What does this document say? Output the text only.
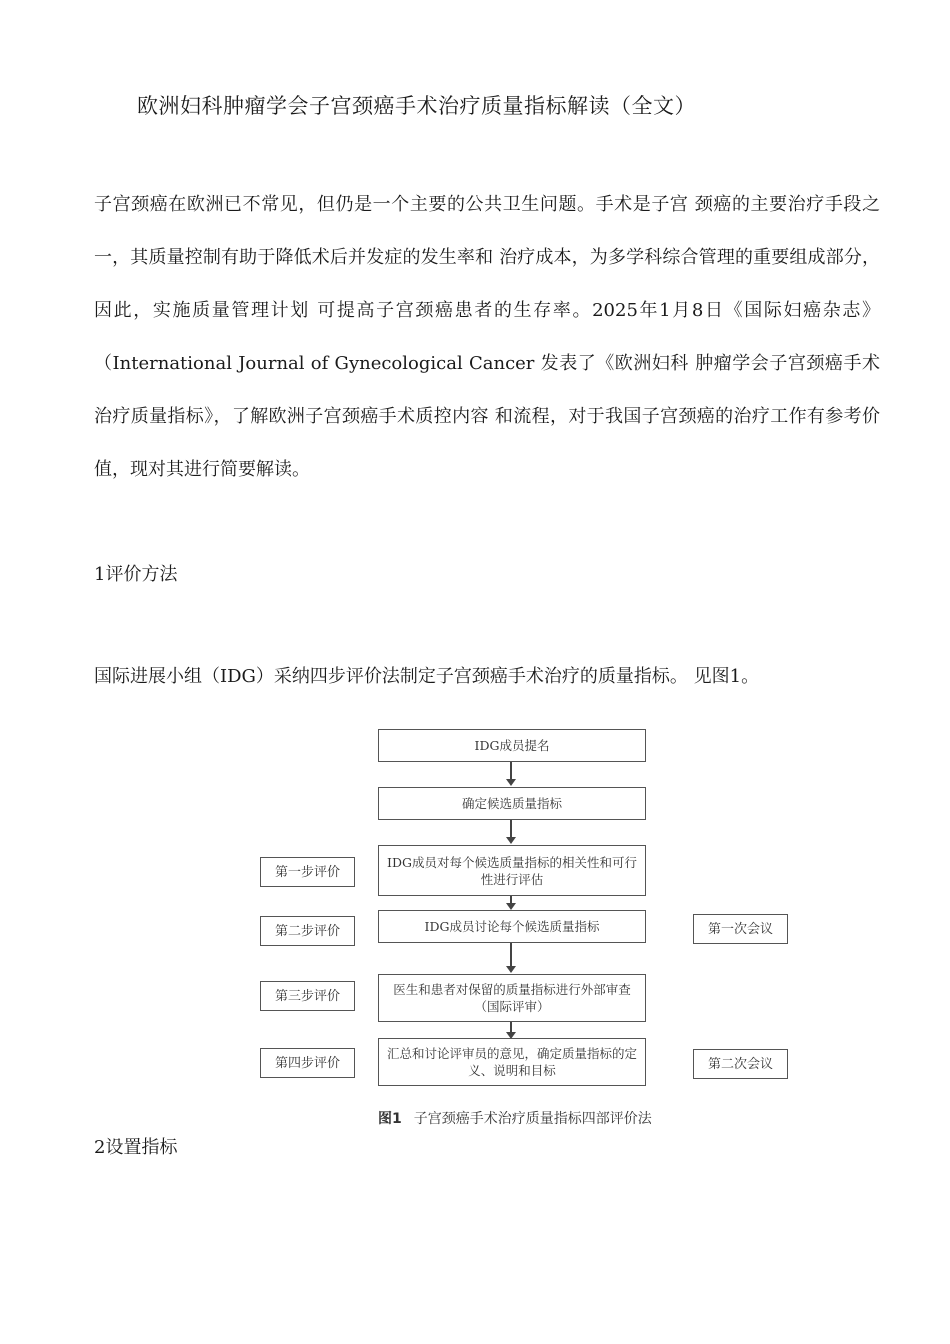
欧洲妇科肿瘤学会子宫颈癌手术治疗质量指标解读（全文）
子宫颈癌在欧洲已不常见，但仍是一个主要的公共卫生问题。手术是子宫 颈癌的主要治疗手段之一，其质量控制有助于降低术后并发症的发生率和 治疗成本，为多学科综合管理的重要组成部分，因此，实施质量管理计划 可提高子宫颈癌患者的生存率。2025年1月8日《国际妇癌杂志》 （International Journal of Gynecological Cancer 发表了《欧洲妇科 肿瘤学会子宫颈癌手术治疗质量指标》，了解欧洲子宫颈癌手术质控内容 和流程，对于我国子宫颈癌的治疗工作有参考价值，现对其进行简要解读。
1评价方法
国际进展小组（IDG）采纳四步评价法制定子宫颈癌手术治疗的质量指标。 见图1。
IDG成员提名
确定候选质量指标
IDG成员对每个候选质量指标的相关性和可行性进行评估
IDG成员讨论每个候选质量指标
医生和患者对保留的质量指标进行外部审查（国际评审）
汇总和讨论评审员的意见，确定质量指标的定义、说明和目标
第一步评价
第二步评价
第三步评价
第四步评价
第一次会议
第二次会议
图1 子宫颈癌手术治疗质量指标四部评价法
2设置指标
